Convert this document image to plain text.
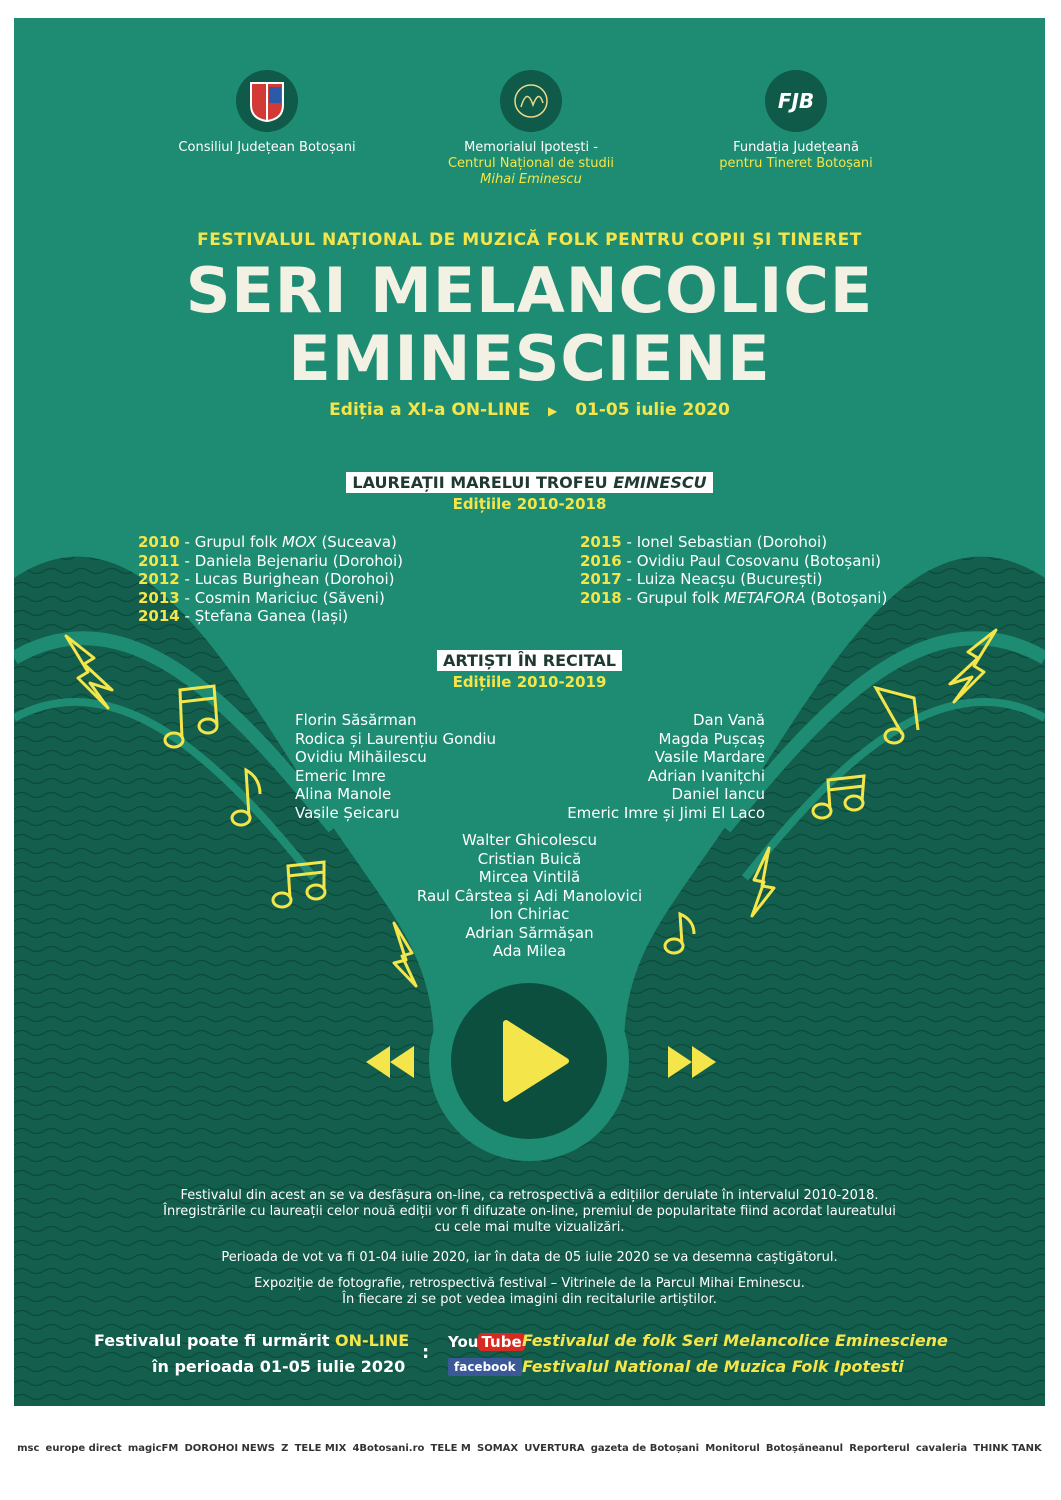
Consiliul Județean Botoșani	Memorialul Ipotești -
Centrul Național de studii
Mihai Eminescu
FJB
Fundația Județeană
pentru Tineret Botoșani
FESTIVALUL NAȚIONAL DE MUZICĂ FOLK PENTRU COPII ȘI TINERET
SERI MELANCOLICE
EMINESCIENE
Ediția a XI-a ON-LINE ▶ 01-05 iulie 2020
LAUREAȚII MARELUI TROFEU EMINESCU
Edițiile 2010-2018
2010 - Grupul folk MOX (Suceava)
2011 - Daniela Bejenariu (Dorohoi)
2012 - Lucas Burighean (Dorohoi)
2013 - Cosmin Mariciuc (Săveni)
2014 - Ștefana Ganea (Iași)
2015 - Ionel Sebastian (Dorohoi)
2016 - Ovidiu Paul Cosovanu (Botoșani)
2017 - Luiza Neacșu (București)
2018 - Grupul folk METAFORA (Botoșani)
ARTIȘTI ÎN RECITAL
Edițiile 2010-2019
Florin Săsărman
Rodica și Laurențiu Gondiu
Ovidiu Mihăilescu
Emeric Imre
Alina Manole
Vasile Șeicaru
Dan Vană
Magda Pușcaș
Vasile Mardare
Adrian Ivanițchi
Daniel Iancu
Emeric Imre și Jimi El Laco
Walter Ghicolescu
Cristian Buică
Mircea Vintilă
Raul Cârstea și Adi Manolovici
Ion Chiriac
Adrian Sărmășan
Ada Milea
Festivalul din acest an se va desfășura on-line, ca retrospectivă a edițiilor derulate în intervalul 2010-2018. Înregistrările cu laureații celor nouă ediții vor fi difuzate on-line, premiul de popularitate fiind acordat laureatului cu cele mai multe vizualizări.
Perioada de vot va fi 01-04 iulie 2020, iar în data de 05 iulie 2020 se va desemna caștigătorul.
Expoziție de fotografie, retrospectivă festival – Vitrinele de la Parcul Mihai Eminescu.
În fiecare zi se pot vedea imagini din recitalurile artiștilor.
Festivalul poate fi urmărit ON-LINE
în perioada 01-05 iulie 2020
: You Tube Festivalul de folk Seri Melancolice Eminesciene
facebook Festivalul National de Muzica Folk Ipotesti
msc europe direct magicFM DOROHOI NEWS Z TELE MIX 4Botosani.ro TELE M SOMAX UVERTURA gazeta de Botoșani Monitorul Botoșăneanul Reporterul cavaleria THINK TANK
